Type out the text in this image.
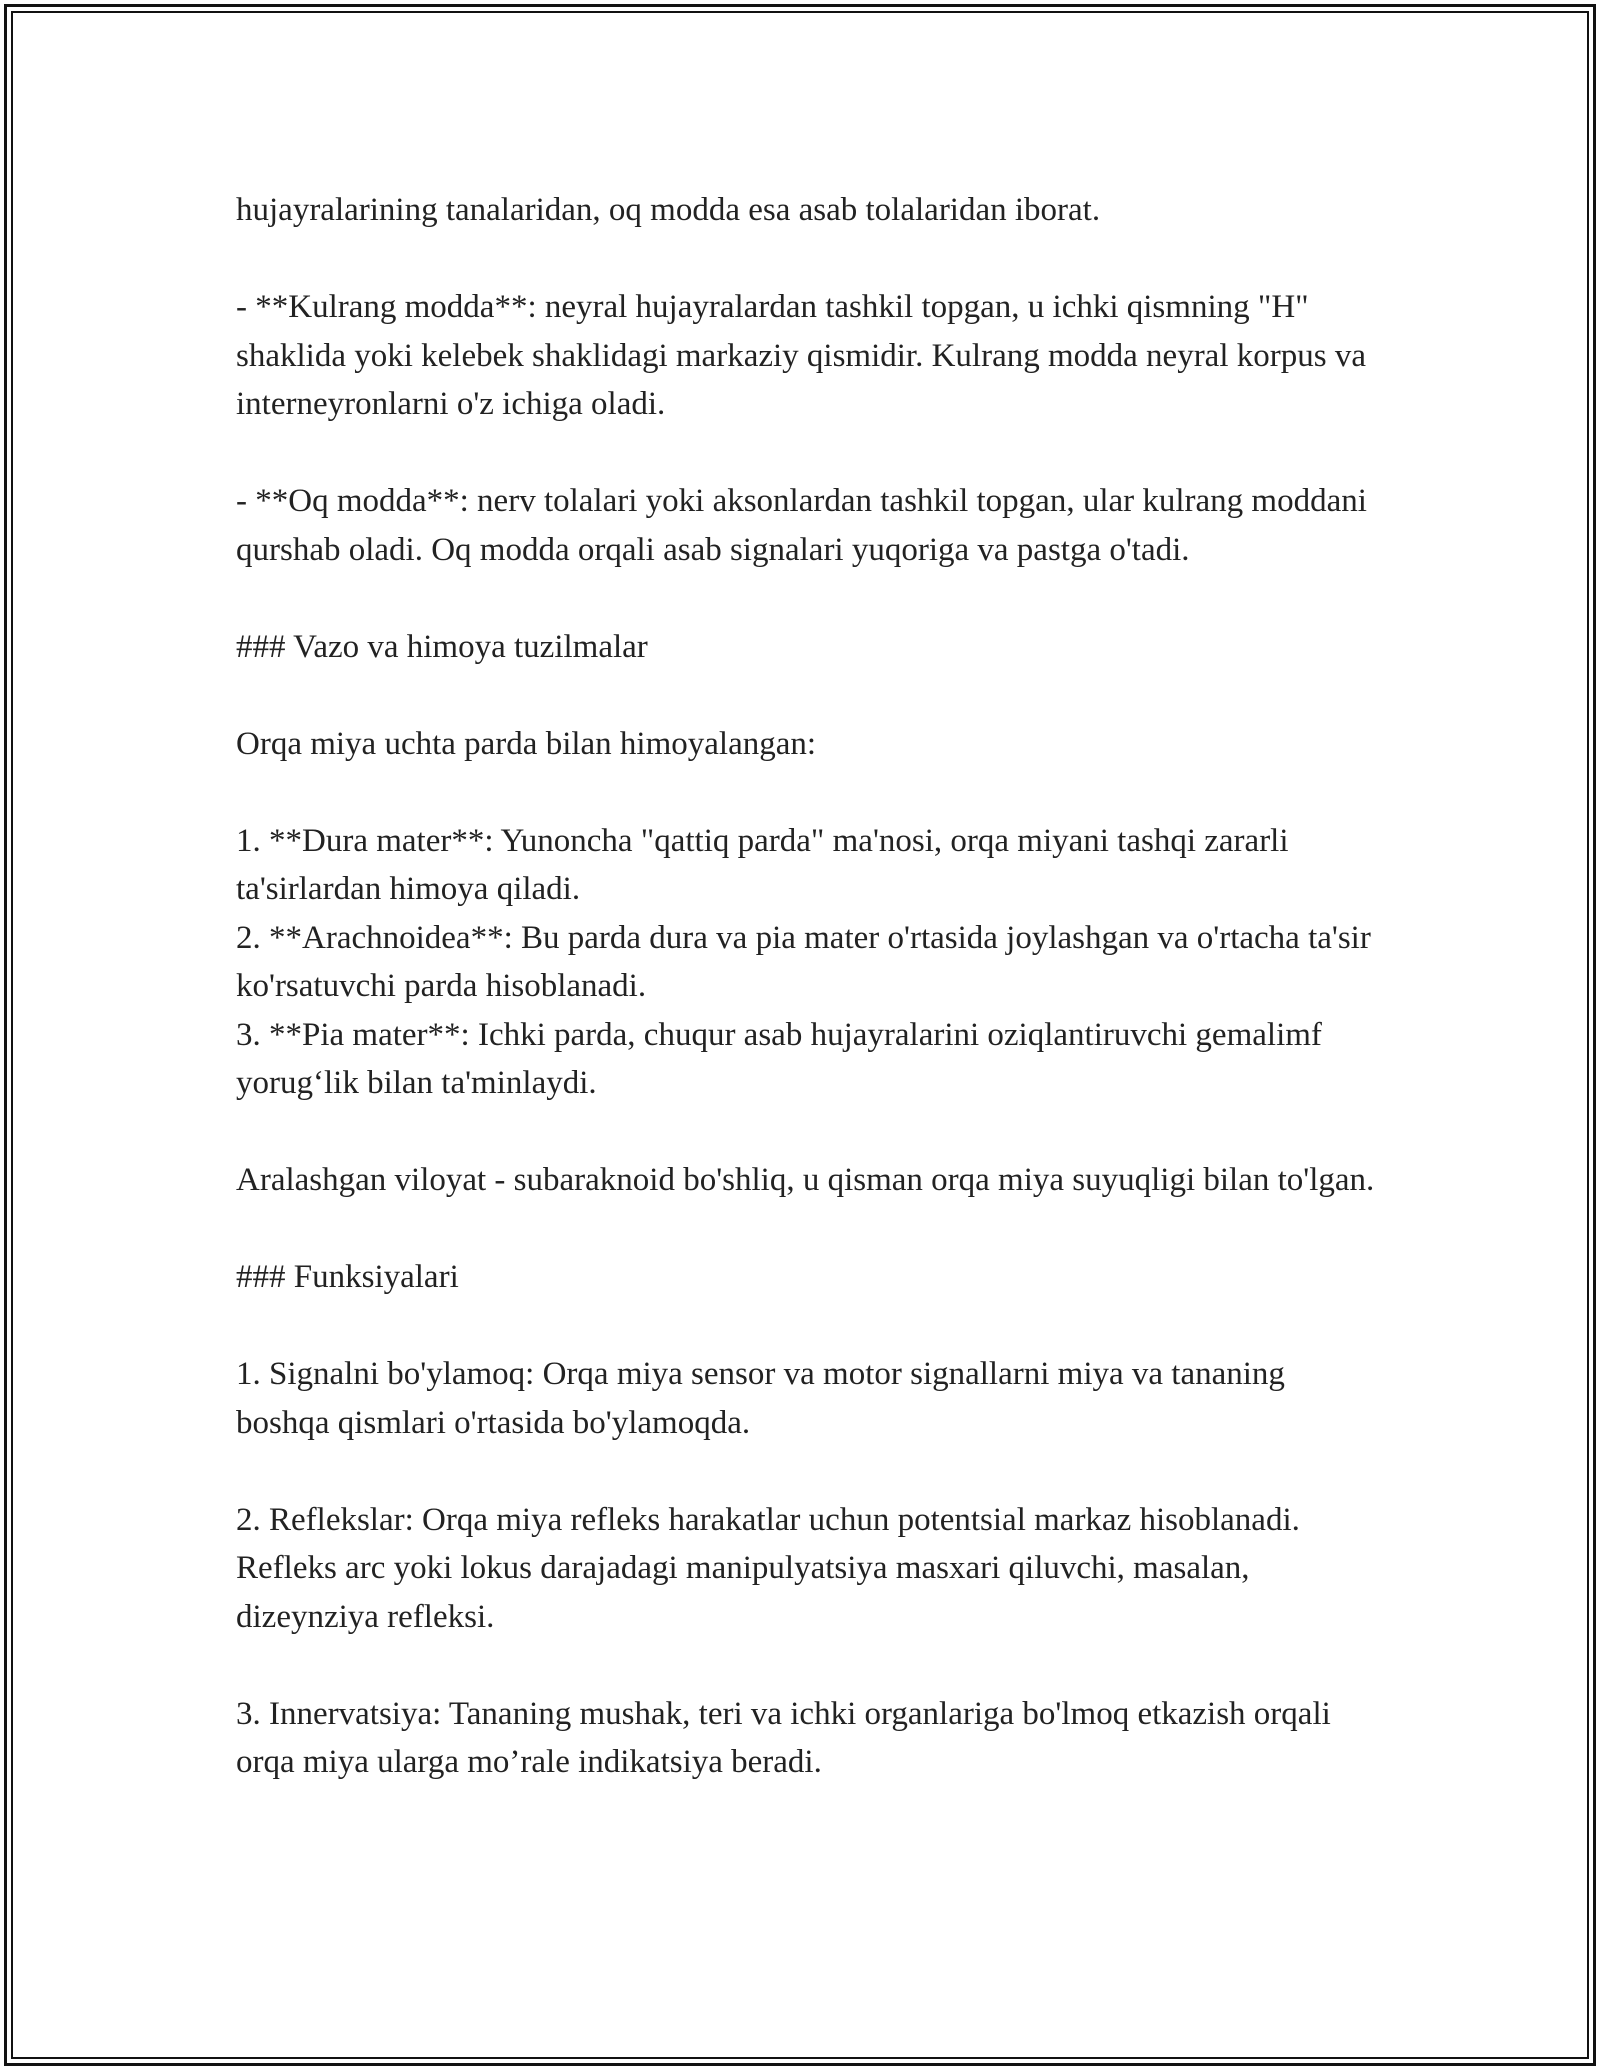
hujayralarining tanalaridan, oq modda esa asab tolalaridan iborat.

- **Kulrang modda**: neyral hujayralardan tashkil topgan, u ichki qismning "H" shaklida yoki kelebek shaklidagi markaziy qismidir. Kulrang modda neyral korpus va interneyronlarni o'z ichiga oladi.

- **Oq modda**: nerv tolalari yoki aksonlardan tashkil topgan, ular kulrang moddani qurshab oladi. Oq modda orqali asab signalari yuqoriga va pastga o'tadi.

### Vazo va himoya tuzilmalar

Orqa miya uchta parda bilan himoyalangan:

1. **Dura mater**: Yunoncha "qattiq parda" ma'nosi, orqa miyani tashqi zararli ta'sirlardan himoya qiladi.

2. **Arachnoidea**: Bu parda dura va pia mater o'rtasida joylashgan va o'rtacha ta'sir ko'rsatuvchi parda hisoblanadi.

3. **Pia mater**: Ichki parda, chuqur asab hujayralarini oziqlantiruvchi gemalimf yorug‘lik bilan ta'minlaydi.

Aralashgan viloyat - subaraknoid bo'shliq, u qisman orqa miya suyuqligi bilan to'lgan.

### Funksiyalari

1. Signalni bo'ylamoq: Orqa miya sensor va motor signallarni miya va tananing boshqa qismlari o'rtasida bo'ylamoqda.

2. Reflekslar: Orqa miya refleks harakatlar uchun potentsial markaz hisoblanadi. Refleks arc yoki lokus darajadagi manipulyatsiya masxari qiluvchi, masalan, dizeynziya refleksi.

3. Innervatsiya: Tananing mushak, teri va ichki organlariga bo'lmoq etkazish orqali orqa miya ularga mo’rale indikatsiya beradi.
